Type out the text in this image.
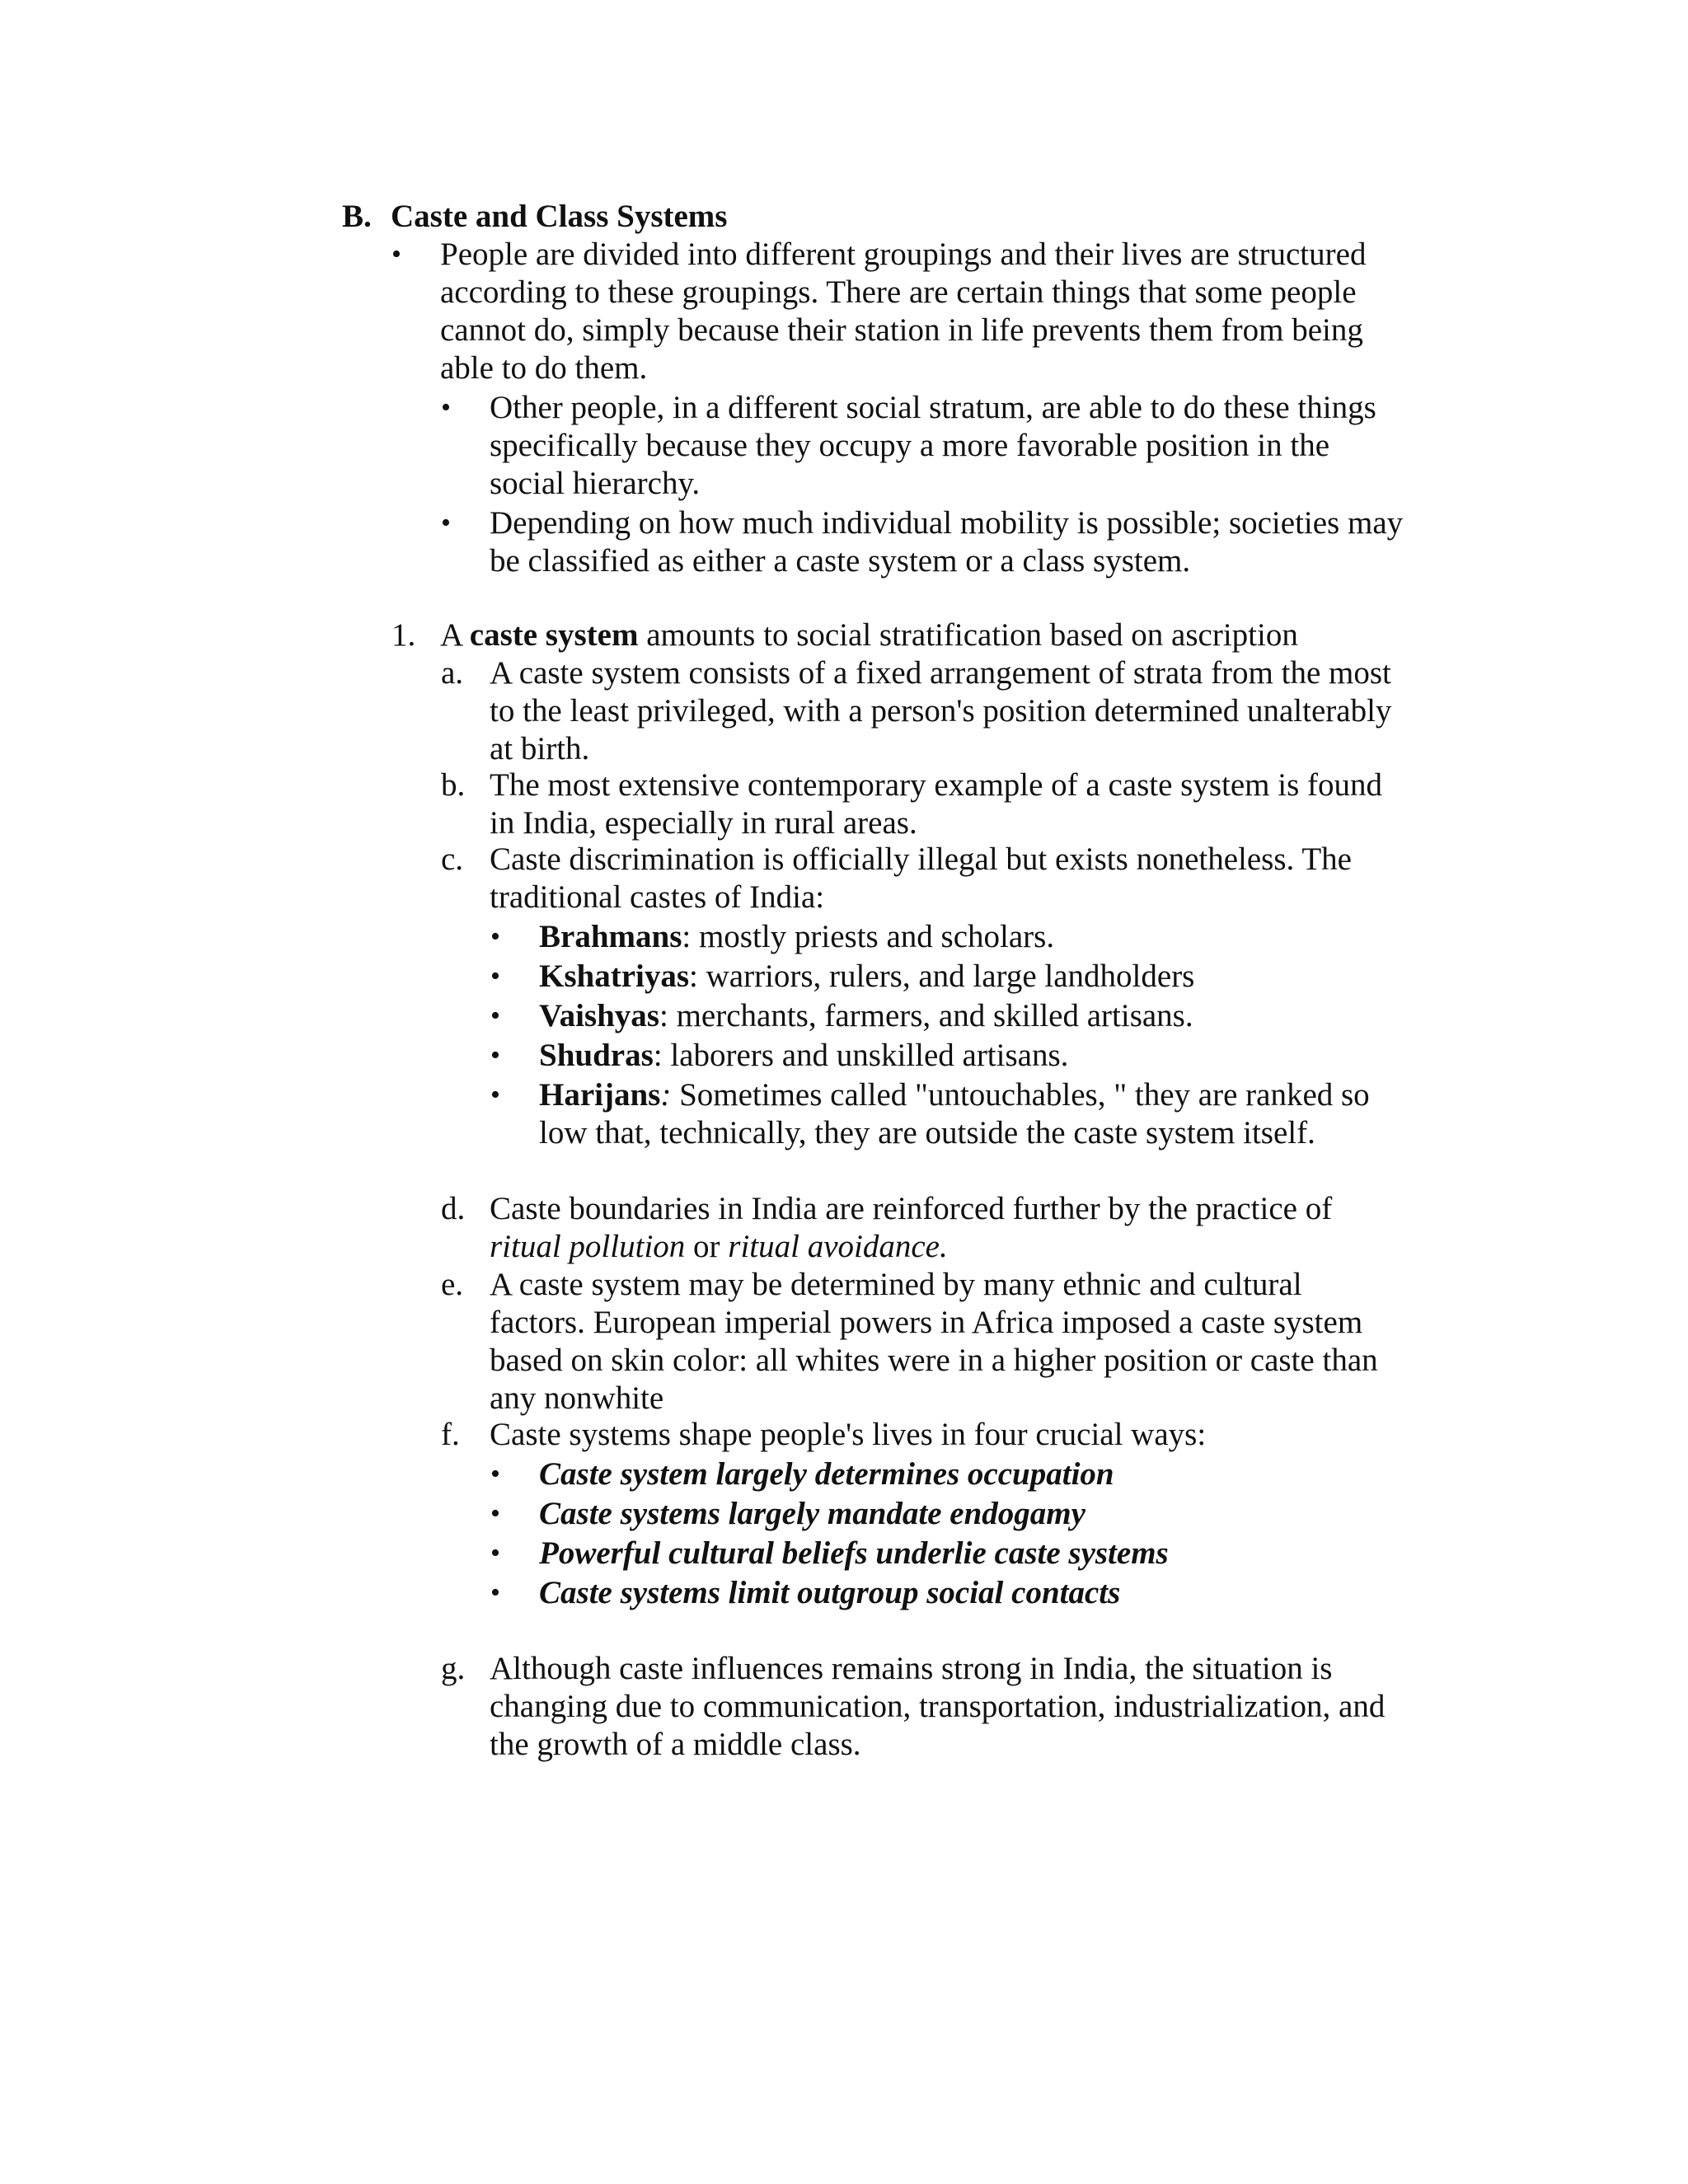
B. Caste and Class Systems
• People are divided into different groupings and their lives are structured
according to these groupings. There are certain things that some people
cannot do, simply because their station in life prevents them from being
able to do them.
• Other people, in a different social stratum, are able to do these things
specifically because they occupy a more favorable position in the
social hierarchy.
• Depending on how much individual mobility is possible; societies may
be classified as either a caste system or a class system.
1. A caste system amounts to social stratification based on ascription
a. A caste system consists of a fixed arrangement of strata from the most
to the least privileged, with a person's position determined unalterably
at birth.
b. The most extensive contemporary example of a caste system is found
in India, especially in rural areas.
c. Caste discrimination is officially illegal but exists nonetheless. The
traditional castes of India:
• Brahmans: mostly priests and scholars.
• Kshatriyas: warriors, rulers, and large landholders
• Vaishyas: merchants, farmers, and skilled artisans.
• Shudras: laborers and unskilled artisans.
• Harijans: Sometimes called "untouchables, " they are ranked so
low that, technically, they are outside the caste system itself.
d. Caste boundaries in India are reinforced further by the practice of
ritual pollution or ritual avoidance.
e. A caste system may be determined by many ethnic and cultural
factors. European imperial powers in Africa imposed a caste system
based on skin color: all whites were in a higher position or caste than
any nonwhite
f. Caste systems shape people's lives in four crucial ways:
• Caste system largely determines occupation
• Caste systems largely mandate endogamy
• Powerful cultural beliefs underlie caste systems
• Caste systems limit outgroup social contacts
g. Although caste influences remains strong in India, the situation is
changing due to communication, transportation, industrialization, and
the growth of a middle class.
